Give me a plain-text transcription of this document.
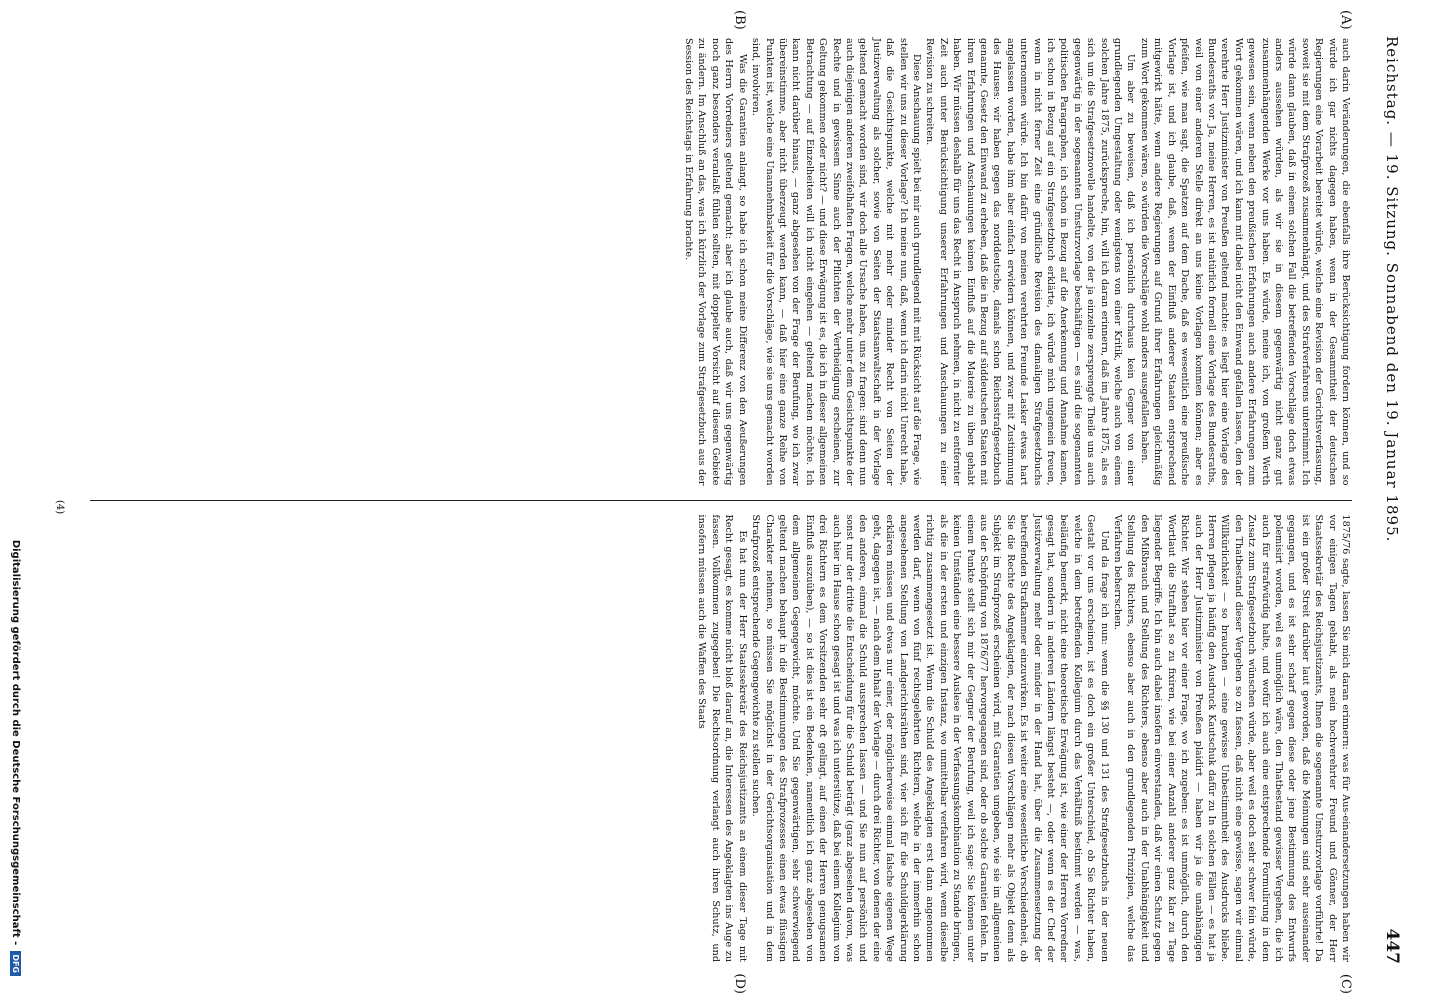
Reichstag. — 19. Sitzung. Sonnabend den 19. Januar 1895.
447
(A)
(B)

auch darin Veränderungen, die ebenfalls ihre Berücksichtigung fordern können, und so würde ich gar nichts dagegen haben, wenn in der Gesammtheit der deutschen Regierungen eine Vorarbeit bereitet würde, welche eine Revision der Gerichtsverfassung, soweit sie mit dem Strafprozeß zusammenhängt, und des Strafverfahrens unternimmt. Ich würde dann glauben, daß in einem solchen Fall die betreffenden Vorschläge doch etwas anders aussehen würden, als wir sie in diesem gegenwärtig nicht ganz gut zusammenhängenden Werke vor uns haben. Es würde, meine ich, von großem Werth gewesen sein, wenn neben den preußischen Erfahrungen auch andere Erfahrungen zum Wort gekommen wären, und ich kann mit dabei nicht den Einwand gefallen lassen, den der verehrte Herr Justizminister von Preußen geltend machte: es liegt hier eine Vorlage des Bundesraths vor. Ja, meine Herren, es ist natürlich formell eine Vorlage des Bundesraths, weil von einer anderen Stelle direkt an uns keine Vorlagen kommen können; aber es pfeifen, wie man sagt, die Spatzen auf dem Dache, daß es wesentlich eine preußische Vorlage ist, und ich glaube, daß, wenn der Einfluß anderer Staaten entsprechend mitgewirkt hätte, wenn andere Regierungen auf Grund ihrer Erfahrungen gleichmäßig zum Wort gekommen wären, so würden die Vorschläge wohl anders ausgefallen haben.

Um aber zu beweisen, daß ich persönlich durchaus kein Gegner von einer grundlegenden Umgestaltung oder wenigstens von einer Kritik, welche auch von einem solchen Jahre 1875, zurückspreche, bin, will ich daran erinnern, daß im Jahre 1875, als es sich um die Strafgesetznovelle handelte, von der ja einzelne zersprengte Theile uns auch gegenwärtig in der sogenannten Umsturzvorlage beschäftigen — es sind die sogenannten politischen Paragraphen, ich schon in Bezug auf die Anerkennung und Annahme kamen, ich schon in Bezug auf ein Strafgesetzbuch erklärte, ich würde mich ungemein freuen, wenn in nicht ferner Zeit eine gründliche Revision des damaligen Strafgesetzbuchs unternommen würde. Ich bin dafür von meinen verehrten Freunde Lasker etwas hart angelassen worden, habe ihm aber einfach erwidern können, und zwar mit Zustimmung des Hauses: wir haben gegen das norddeutsche, damals schon Reichsstrafgesetzbuch genannte, Gesetz den Einwand zu erheben, daß die in Bezug auf süddeutschen Staaten mit ihren Erfahrungen und Anschauungen keinen Einfluß auf die Materie zu üben gehabt haben. Wir müssen deshalb für uns das Recht in Anspruch nehmen, in nicht zu entfernter Zeit auch unter Berücksichtigung unserer Erfahrungen und Anschauungen zu einer Revision zu schreiten.

Diese Anschauung spielt bei mir auch grundlegend mit mit Rücksicht auf die Frage, wie stellen wir uns zu dieser Vorlage? Ich meine nun, daß, wenn ich darin nicht Unrecht habe, daß die Gesichtspunkte, welche mit mehr oder minder Recht von Seiten der Justizverwaltung als solcher, sowie von Seiten der Staatsanwaltschaft in der Vorlage geltend gemacht worden sind, wir doch alle Ursache haben, uns zu fragen: sind denn nun auch diejenigen anderen zweifelhaften Fragen, welche mehr unter dem Gesichtspunkte der Rechte und in gewissem Sinne auch der Pflichten der Vertheidigung erscheinen, zur Geltung gekommen oder nicht? — und diese Erwägung ist es, die ich in dieser allgemeinen Betrachtung — auf Einzelheiten will ich nicht eingehen — geltend machen möchte. Ich kann nicht darüber hinaus, — ganz abgesehen von der Frage der Berufung, wo ich zwar übereinstimme, aber nicht überzeugt werden kann, — daß hier eine ganze Reihe von Punkten ist, welche eine Unannehmbarkeit für die Vorschläge, wie sie uns gemacht worden sind, involviren.

Was die Garantien anlangt, so habe ich schon meine Differenz von den Aeußerungen des Herrn Vorredners geltend gemacht: aber ich glaube auch, daß wir uns gegenwärtig noch ganz besonders veranlaßt fühlen sollten, mit doppelter Vorsicht auf diesem Gebiete zu ändern. Im Anschluß an das, was ich kürzlich der Vorlage zum Strafgesetzbuch aus der Session des Reichstags in Erfahrung brachte.

(C)
(D)

1875/76 sagte, lassen Sie mich daran erinnern: was für Aus-einandersetzungen haben wir vor einigen Tagen gehabt, als mein hochverehrter Freund und Gönner, der Herr Staatssekretär des Reichsjustizamts, Ihnen die sogenannte Umsturzvorlage vorführte! Da ist ein großer Streit darüber laut geworden, daß die Meinungen sind sehr auseinander gegangen, und es ist sehr scharf gegen diese oder jene Bestimmung des Entwurfs polemisirt worden, weil es unmöglich wäre, den Thatbestand gewisser Vergehen, die ich auch für strafwürdig halte, und wofür ich auch eine entsprechende Formulirung in dem Zusatz zum Strafgesetzbuch wünschen würde, aber weil es doch sehr schwer fein würde, den Thatbestand dieser Vergehen so zu fassen, daß nicht eine gewisse, sagen wir einmal Willkürlichkeit — so brauchen — eine gewisse Unbestimmtheit des Ausdrucks bliebe. Herren pflegen ja häufig den Ausdruck Kautschuk dafür zu In solchen Fällen — es hat ja auch der Herr Justizminister von Preußen plaidirt — haben wir ja die unabhängigen Richter. Wir stehen hier vor einer Frage, wo ich zugeben: es ist unmöglich, durch den Wortlaut die Strafthat so zu fixiren, wie bei einer Anzahl anderer ganz klar zu Tage liegender Begriffe. Ich bin auch dabei insofern einverstanden, daß wir einen Schutz gegen den Mißbrauch und Stellung des Richters, ebenso aber auch in der Unabhängigkeit und Stellung des Richters, ebenso aber auch in den grundlegenden Prinzipien, welche das Verfahren beherrschen.

Und da frage ich nun: wenn die §§ 130 und 131 des Strafgesetzbuchs in der neuen Gestalt vor uns erscheinen, ist es doch ein großer Unterschied, ob Sie Richter haben, welche in dem betreffenden Kollegium durch das Verhältniß bestimmt werden — was, beiläufig bemerkt, nicht eine theoretische Erwägung ist, wie einer der Herren Vorredner gesagt hat, sondern in anderen Ländern längst besteht —, oder wenn es der Chef der Justizverwaltung mehr oder minder in der Hand hat, über die Zusammensetzung der betreffenden Strafkammer einzuwirken. Es ist weiter eine wesentliche Verschiedenheit, ob Sie die Rechte des Angeklagten, der nach diesen Vorschlägen mehr als Objekt denn als Subjekt im Strafprozeß erscheinen wird, mit Garantien umgeben, wie sie im allgemeinen aus der Schöpfung von 1876/77 hervorgegangen sind, oder ob solche Garantien fehlen. In einem Punkte stellt sich mir der Gegner der Berufung, weil ich sage: Sie können unter keinen Umständen eine bessere Auslese in der Verfassungskombination zu Stande bringen, als die in der ersten und einzigen Instanz, wo unmittelbar verfahren wird, wenn dieselbe richtig zusammengesetzt ist. Wenn die Schuld des Angeklagten erst dann angenommen werden darf, wenn von fünf rechtsgelehrten Richtern, welche in der immerhin schon angesehenen Stellung von Landgerichtsräthen sind, vier sich für die Schuldigerklärung erklären müssen und etwas nur einer, der möglicherweise einmal falsche eigenen Wege geht, dagegen ist, — nach dem Inhalt der Vorlage — durch drei Richter, von denen der eine den anderen, einmal die Schuld aussprechen lassen — und Sie nun auf persönlich und sonst nur der dritte die Entscheidung für die Schuld beträgt (ganz abgesehen davon, was auch hier im Hause schon gesagt ist und was ich unterstütze, daß bei einem Kollegium von drei Richtern es dem Vorsitzenden sehr oft gelingt, auf einen der Herren genugsamen Einfluß auszuüben), — so ist dies ist ein Bedenken, namentlich ich ganz abgesehen von dem allgemeinen Gegengewicht, möchte. Und Sie gegenwärtigen, sehr schwerwiegend geltend machen behaupt in die Bestimmungen des Strafprozesses einen etwas flüssigen Charakter nehmen, so müssen Sie möglichst in der Gerichtsorganisation und in dem Strafprozeß entsprechende Gegengewichte zu stellen suchen.

Es hat nun der Herr Staatssekretär des Reichsjustizamts an einem dieser Tage mit Recht gesagt, es komme nicht bloß darauf an, die Interessen des Angeklagten ins Auge zu fassen. Vollkommen zugegeben! Die Rechtsordnung verlangt auch ihren Schutz, und insofern müssen auch die Waffen des Staats

(4)
Digitalisierung gefördert durch die Deutsche Forschungsgemeinschaft -
DFG
